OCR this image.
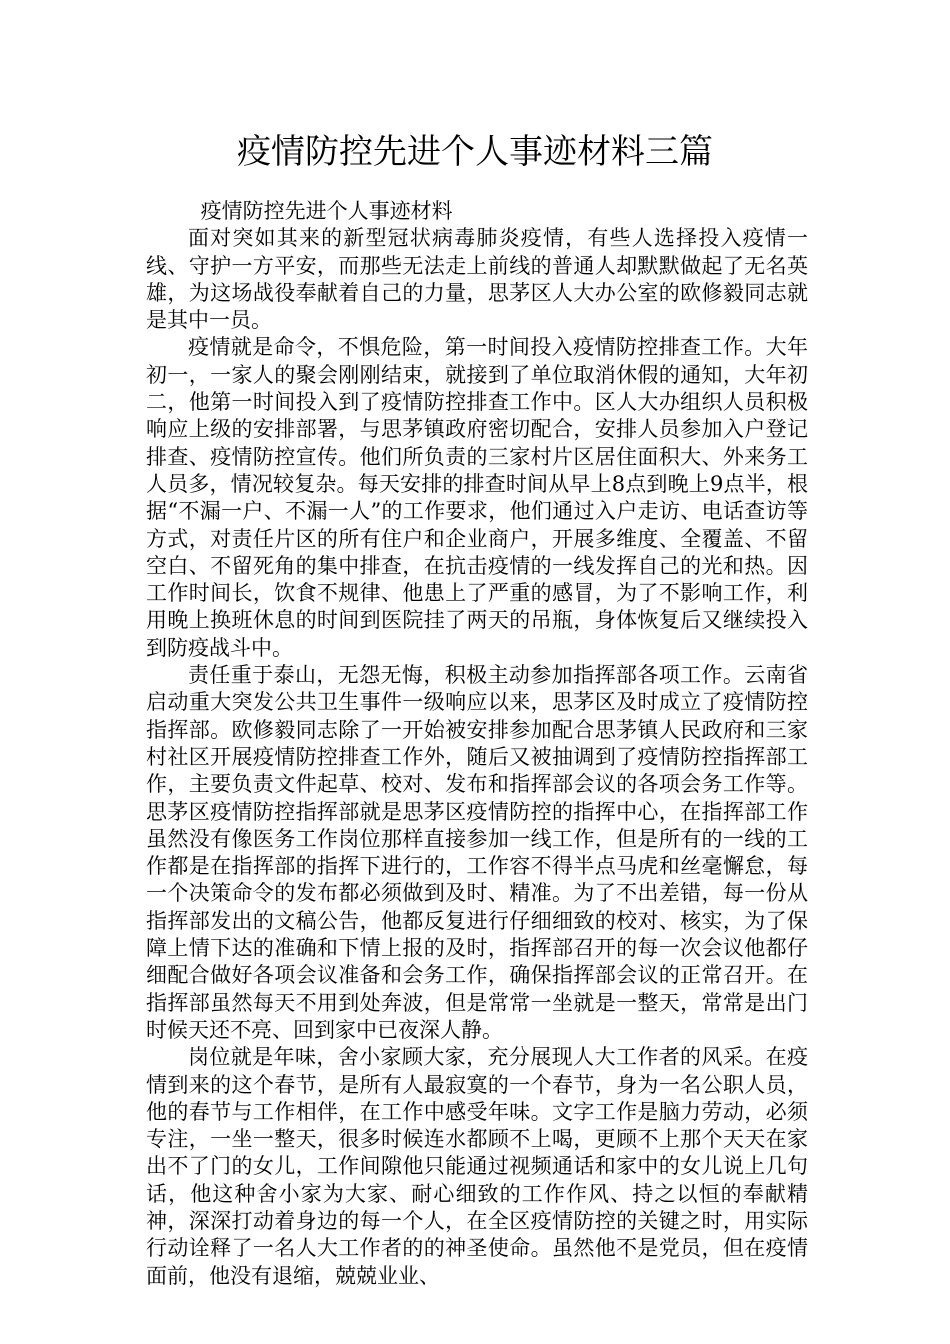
疫情防控先进个人事迹材料三篇

疫情防控先进个人事迹材料

面对突如其来的新型冠状病毒肺炎疫情，有些人选择投入疫情一线、守护一方平安，而那些无法走上前线的普通人却默默做起了无名英雄，为这场战役奉献着自己的力量，思茅区人大办公室的欧修毅同志就是其中一员。

疫情就是命令，不惧危险，第一时间投入疫情防控排查工作。大年初一，一家人的聚会刚刚结束，就接到了单位取消休假的通知，大年初二，他第一时间投入到了疫情防控排查工作中。区人大办组织人员积极响应上级的安排部署，与思茅镇政府密切配合，安排人员参加入户登记排查、疫情防控宣传。他们所负责的三家村片区居住面积大、外来务工人员多，情况较复杂。每天安排的排查时间从早上8点到晚上9点半，根据“不漏一户、不漏一人”的工作要求，他们通过入户走访、电话查访等方式，对责任片区的所有住户和企业商户，开展多维度、全覆盖、不留空白、不留死角的集中排查，在抗击疫情的一线发挥自己的光和热。因工作时间长，饮食不规律、他患上了严重的感冒，为了不影响工作，利用晚上换班休息的时间到医院挂了两天的吊瓶，身体恢复后又继续投入到防疫战斗中。

责任重于泰山，无怨无悔，积极主动参加指挥部各项工作。云南省启动重大突发公共卫生事件一级响应以来，思茅区及时成立了疫情防控指挥部。欧修毅同志除了一开始被安排参加配合思茅镇人民政府和三家村社区开展疫情防控排查工作外，随后又被抽调到了疫情防控指挥部工作，主要负责文件起草、校对、发布和指挥部会议的各项会务工作等。思茅区疫情防控指挥部就是思茅区疫情防控的指挥中心，在指挥部工作虽然没有像医务工作岗位那样直接参加一线工作，但是所有的一线的工作都是在指挥部的指挥下进行的，工作容不得半点马虎和丝毫懈怠，每一个决策命令的发布都必须做到及时、精准。为了不出差错，每一份从指挥部发出的文稿公告，他都反复进行仔细细致的校对、核实，为了保障上情下达的准确和下情上报的及时，指挥部召开的每一次会议他都仔细配合做好各项会议准备和会务工作，确保指挥部会议的正常召开。在指挥部虽然每天不用到处奔波，但是常常一坐就是一整天，常常是出门时候天还不亮、回到家中已夜深人静。

岗位就是年味，舍小家顾大家，充分展现人大工作者的风采。在疫情到来的这个春节，是所有人最寂寞的一个春节，身为一名公职人员，他的春节与工作相伴，在工作中感受年味。文字工作是脑力劳动，必须专注，一坐一整天，很多时候连水都顾不上喝，更顾不上那个天天在家出不了门的女儿，工作间隙他只能通过视频通话和家中的女儿说上几句话，他这种舍小家为大家、耐心细致的工作作风、持之以恒的奉献精神，深深打动着身边的每一个人，在全区疫情防控的关键之时，用实际行动诠释了一名人大工作者的的神圣使命。虽然他不是党员，但在疫情面前，他没有退缩，兢兢业业、
